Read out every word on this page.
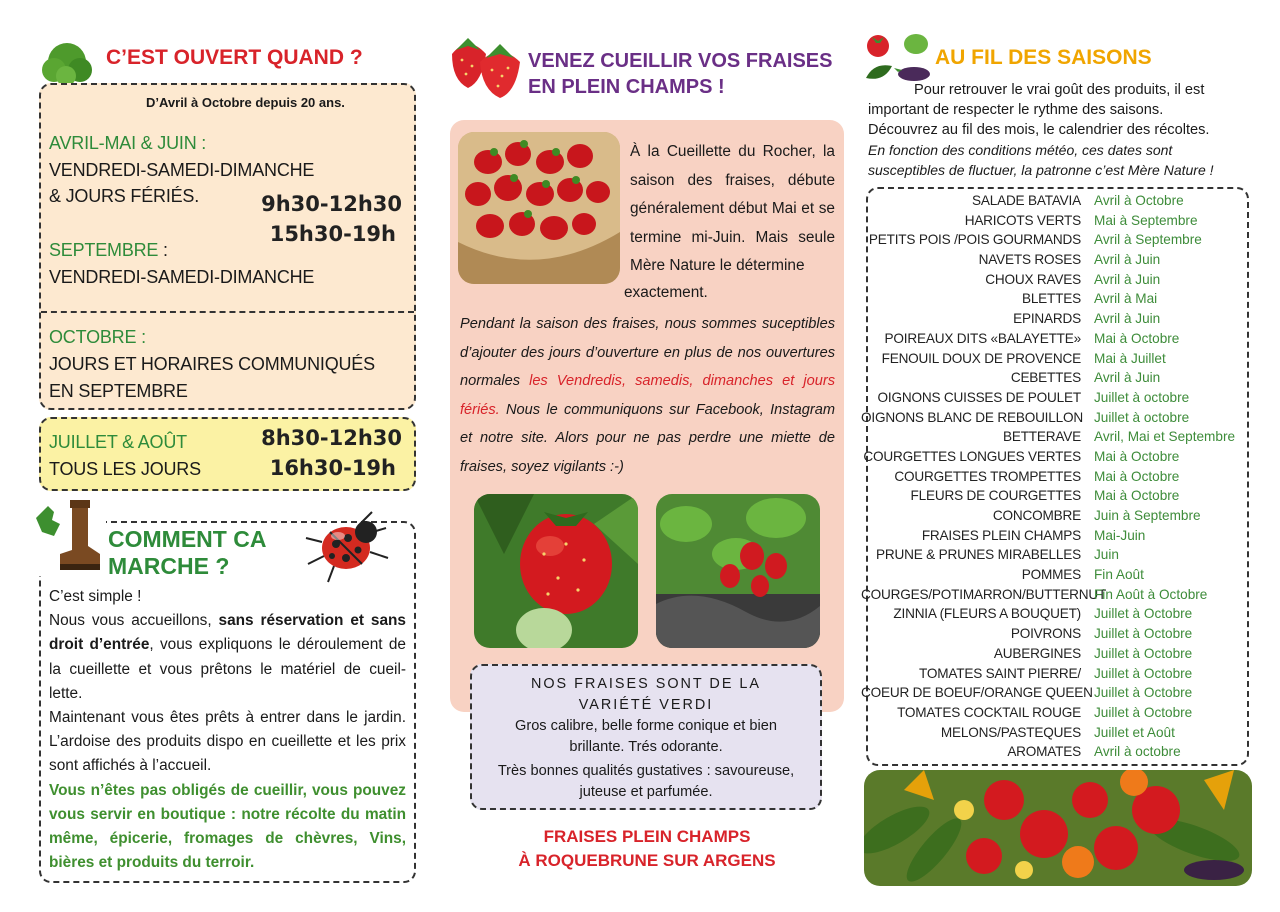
C’EST OUVERT QUAND ?
D’Avril à Octobre depuis 20 ans.
AVRIL-MAI & JUIN :
VENDREDI-SAMEDI-DIMANCHE
& JOURS FÉRIÉS.	9h30-12h30
15h30-19h
SEPTEMBRE :
VENDREDI-SAMEDI-DIMANCHE
OCTOBRE :
JOURS ET HORAIRES COMMUNIQUÉS
EN SEPTEMBRE
JUILLET & AOÛT
TOUS LES JOURS
8h30-12h30
16h30-19h
COMMENT CA
MARCHE ?
C’est simple !
Nous vous accueillons, sans réservation et sans droit d’entrée, vous expliquons le déroulement de la cueillette et vous prêtons le matériel de cueil-lette.
Maintenant vous êtes prêts à entrer dans le jardin. L’ardoise des produits dispo en cueillette et les prix sont affichés à l’accueil.
Vous n’êtes pas obligés de cueillir, vous pouvez vous servir en boutique : notre récolte du matin même, épicerie, fromages de chèvres, Vins, bières et produits du terroir.
VENEZ CUEILLIR VOS FRAISES
EN PLEIN CHAMPS !
À la Cueillette du Rocher, la saison des fraises, débute généralement début Mai et se termine mi-Juin. Mais seule Mère Nature le détermine
exactement.
Pendant la saison des fraises, nous sommes suceptibles d’ajouter des jours d’ouverture en plus de nos ouvertures normales les Vendredis, samedis, dimanches et jours fériés. Nous le communiquons sur Facebook, Instagram et notre site. Alors pour ne pas perdre une miette de fraises, soyez vigilants :-)
NOS FRAISES SONT DE LA
VARIÉTÉ VERDI
Gros calibre, belle forme conique et bien brillante. Trés odorante.
Très bonnes qualités gustatives : savoureuse, juteuse et parfumée.
FRAISES PLEIN CHAMPS
À ROQUEBRUNE SUR ARGENS
AU FIL DES SAISONS
Pour retrouver le vrai goût des produits, il est important de respecter le rythme des saisons. Découvrez au fil des mois, le calendrier des récoltes.
En fonction des conditions météo, ces dates sont susceptibles de fluctuer, la patronne c’est Mère Nature !
SALADE BATAVIA Avril à Octobre
HARICOTS VERTS Mai à Septembre
PETITS POIS /POIS GOURMANDS Avril à Septembre
NAVETS ROSES Avril à Juin
CHOUX RAVES Avril à Juin
BLETTES Avril à Mai
EPINARDS Avril à Juin
POIREAUX DITS «BALAYETTE» Mai à Octobre
FENOUIL DOUX DE PROVENCE Mai à Juillet
CEBETTES Avril à Juin
OIGNONS CUISSES DE POULET Juillet à octobre
OIGNONS BLANC DE REBOUILLON Juillet à octobre
BETTERAVE Avril, Mai et Septembre
COURGETTES LONGUES VERTES Mai à Octobre
COURGETTES TROMPETTES Mai à Octobre
FLEURS DE COURGETTES Mai à Octobre
CONCOMBRE Juin à Septembre
FRAISES PLEIN CHAMPS Mai-Juin
PRUNE & PRUNES MIRABELLES Juin
POMMES Fin Août
COURGES/POTIMARRON/BUTTERNUT
Fin Août à Octobre
ZINNIA (FLEURS A BOUQUET) Juillet à Octobre
POIVRONS Juillet à Octobre
AUBERGINES Juillet à Octobre
TOMATES SAINT PIERRE/ Juillet à Octobre
COEUR DE BOEUF/ORANGE QUEEN Juillet à Octobre
TOMATES COCKTAIL ROUGE Juillet à Octobre
MELONS/PASTEQUES Juillet et Août
AROMATES Avril à octobre
